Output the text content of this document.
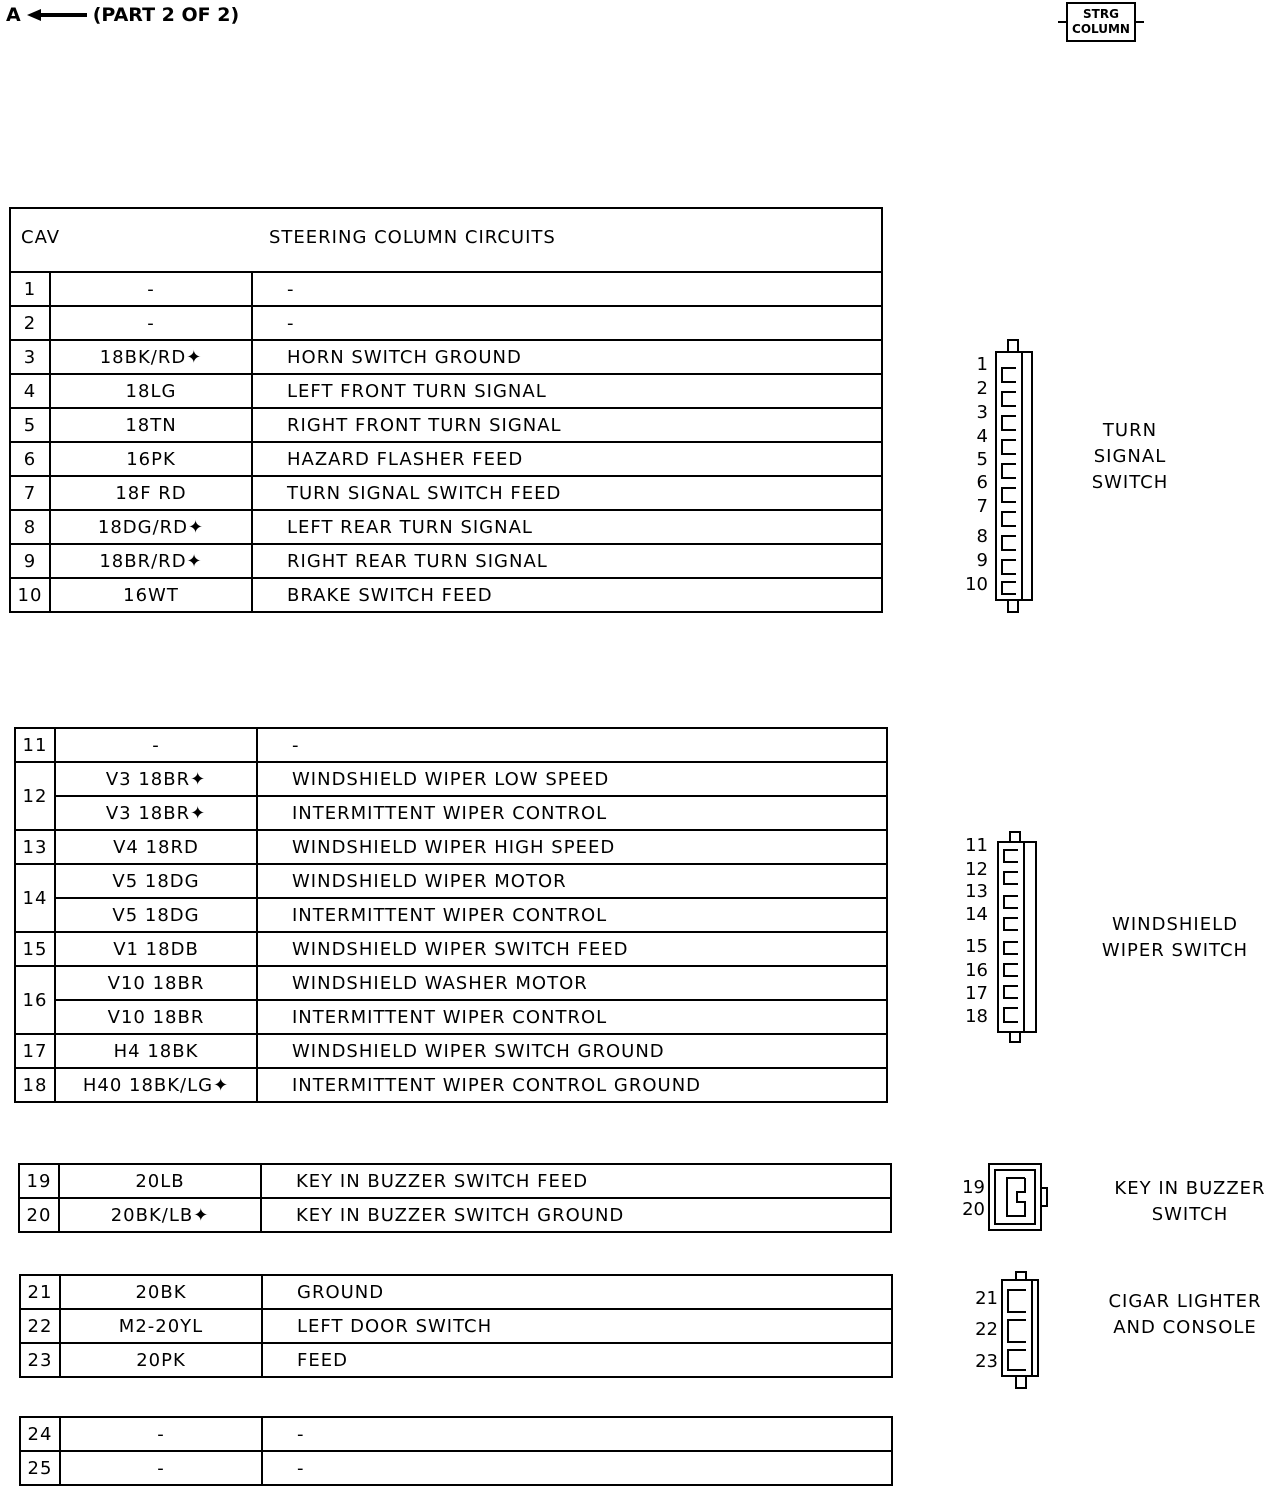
A	(PART 2 OF 2)	STRG
COLUMN
CAV STEERING COLUMN CIRCUITS		

1	-	-
2	-	-
3	18BK/RD✦	HORN SWITCH GROUND
4	18LG	LEFT FRONT TURN SIGNAL
5	18TN	RIGHT FRONT TURN SIGNAL
6	16PK	HAZARD FLASHER FEED
7	18F RD	TURN SIGNAL SWITCH FEED
8	18DG/RD✦	LEFT REAR TURN SIGNAL
9	18BR/RD✦	RIGHT REAR TURN SIGNAL
10	16WT	BRAKE SWITCH FEED
11	-	-
12	V3 18BR✦	WINDSHIELD WIPER LOW SPEED
	V3 18BR✦	INTERMITTENT WIPER CONTROL
13	V4 18RD	WINDSHIELD WIPER HIGH SPEED
14	V5 18DG	WINDSHIELD WIPER MOTOR
	V5 18DG	INTERMITTENT WIPER CONTROL
15	V1 18DB	WINDSHIELD WIPER SWITCH FEED
16	V10 18BR	WINDSHIELD WASHER MOTOR
	V10 18BR	INTERMITTENT WIPER CONTROL
17	H4 18BK	WINDSHIELD WIPER SWITCH GROUND
18	H40 18BK/LG✦	INTERMITTENT WIPER CONTROL GROUND
19	20LB	KEY IN BUZZER SWITCH FEED
20	20BK/LB✦	KEY IN BUZZER SWITCH GROUND
21	20BK	GROUND
22	M2-20YL	LEFT DOOR SWITCH
23	20PK	FEED
24	-	-
25	-	-
1
2
3
4
5
6
7
8
9
10
TURN
SIGNAL
SWITCH
11
12
13
14
15
16
17
18
WINDSHIELD
WIPER SWITCH
19
20
KEY IN BUZZER
SWITCH
21
22
23
CIGAR LIGHTER
AND CONSOLE
